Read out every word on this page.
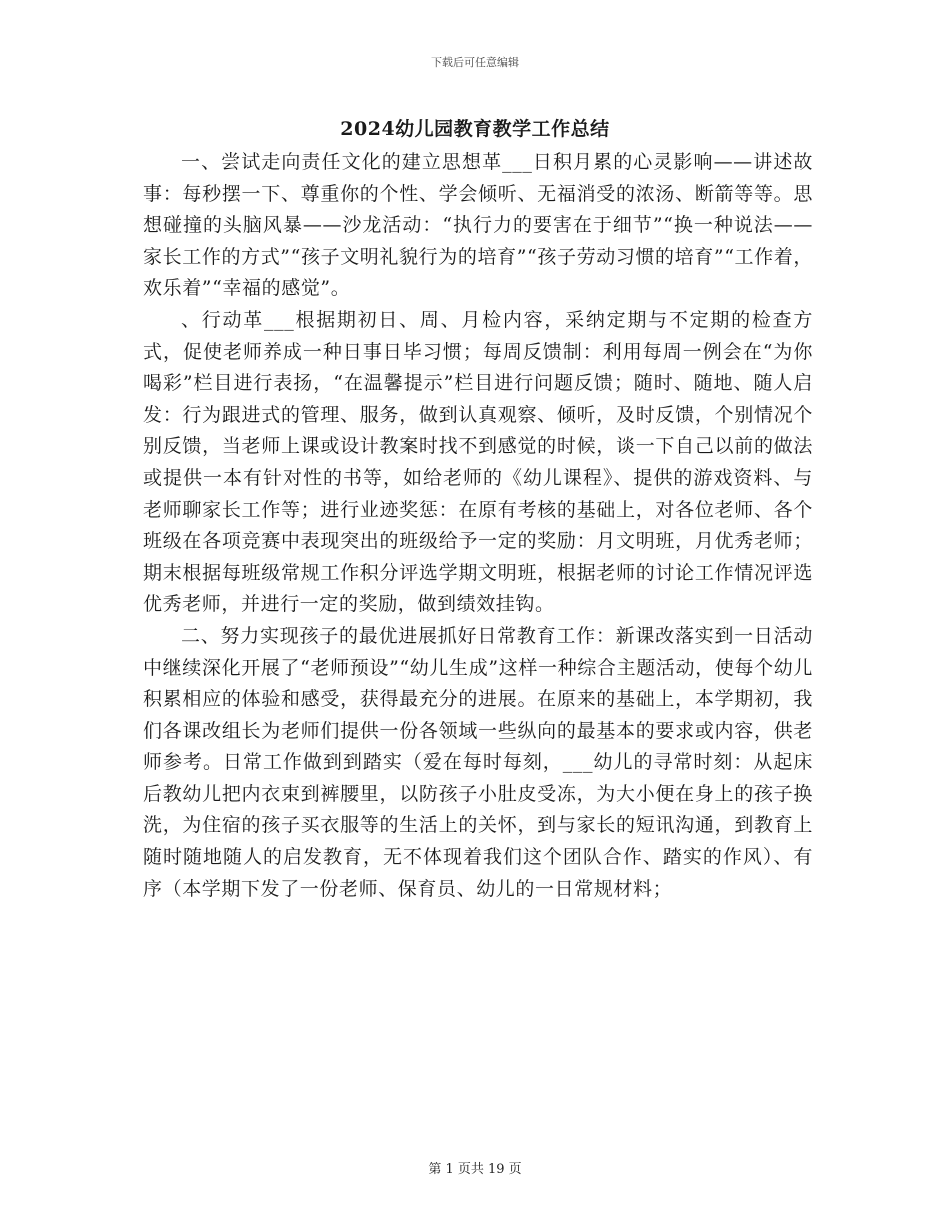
下载后可任意编辑
2024幼儿园教育教学工作总结

一、尝试走向责任文化的建立思想革___日积月累的心灵影响——讲述故事：每秒摆一下、尊重你的个性、学会倾听、无福消受的浓汤、断箭等等。思想碰撞的头脑风暴——沙龙活动：“执行力的要害在于细节”“换一种说法——家长工作的方式”“孩子文明礼貌行为的培育”“孩子劳动习惯的培育”“工作着，欢乐着”“幸福的感觉”。

、行动革___根据期初日、周、月检内容，采纳定期与不定期的检查方式，促使老师养成一种日事日毕习惯；每周反馈制：利用每周一例会在“为你喝彩”栏目进行表扬，“在温馨提示”栏目进行问题反馈；随时、随地、随人启发：行为跟进式的管理、服务，做到认真观察、倾听，及时反馈，个别情况个别反馈，当老师上课或设计教案时找不到感觉的时候，谈一下自己以前的做法或提供一本有针对性的书等，如给老师的《幼儿课程》、提供的游戏资料、与老师聊家长工作等；进行业迹奖惩：在原有考核的基础上，对各位老师、各个班级在各项竞赛中表现突出的班级给予一定的奖励：月文明班，月优秀老师；期末根据每班级常规工作积分评选学期文明班，根据老师的讨论工作情况评选优秀老师，并进行一定的奖励，做到绩效挂钩。

二、努力实现孩子的最优进展抓好日常教育工作：新课改落实到一日活动中继续深化开展了“老师预设”“幼儿生成”这样一种综合主题活动，使每个幼儿积累相应的体验和感受，获得最充分的进展。在原来的基础上，本学期初，我们各课改组长为老师们提供一份各领域一些纵向的最基本的要求或内容，供老师参考。日常工作做到到踏实（爱在每时每刻，___幼儿的寻常时刻：从起床后教幼儿把内衣束到裤腰里，以防孩子小肚皮受冻，为大小便在身上的孩子换洗，为住宿的孩子买衣服等的生活上的关怀，到与家长的短讯沟通，到教育上随时随地随人的启发教育，无不体现着我们这个团队合作、踏实的作风）、有序（本学期下发了一份老师、保育员、幼儿的一日常规材料；

第 1 页共 19 页
